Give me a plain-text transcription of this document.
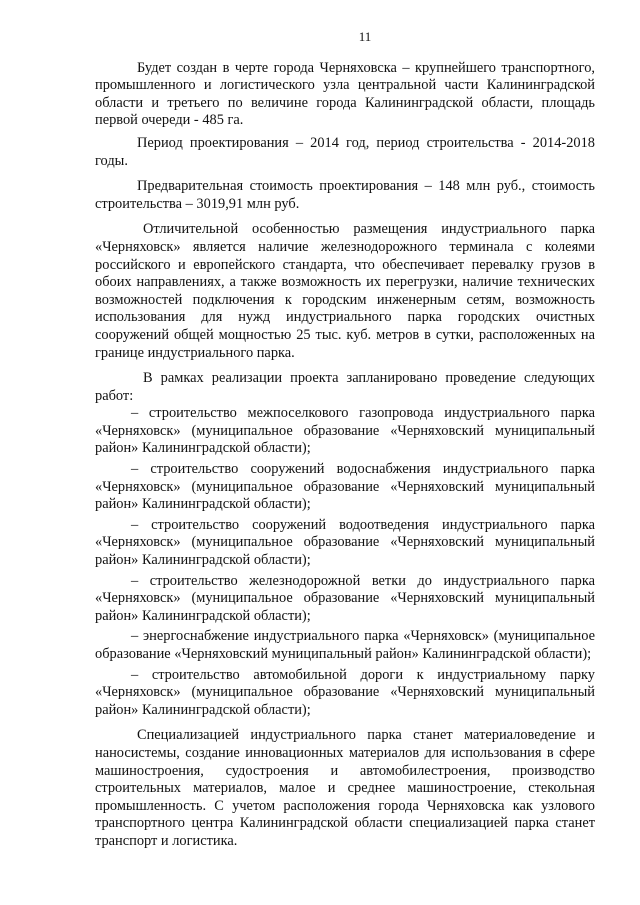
11

Будет создан в черте города Черняховска – крупнейшего транспортного, промышленного и логистического узла центральной части Калининградской области и третьего по величине города Калининградской области, площадь первой очереди - 485 га.

Период проектирования – 2014 год, период строительства - 2014-2018 годы.

Предварительная стоимость проектирования – 148 млн руб., стоимость строительства – 3019,91 млн руб.

Отличительной особенностью размещения индустриального парка «Черняховск» является наличие железнодорожного терминала с колеями российского и европейского стандарта, что обеспечивает перевалку грузов в обоих направлениях, а также возможность их перегрузки, наличие технических возможностей подключения к городским инженерным сетям, возможность использования для нужд индустриального парка городских очистных сооружений общей мощностью 25 тыс. куб. метров в сутки, расположенных на границе индустриального парка.

В рамках реализации проекта запланировано проведение следующих работ:

– строительство межпоселкового газопровода индустриального парка «Черняховск» (муниципальное образование «Черняховский муниципальный район» Калининградской области);

– строительство сооружений водоснабжения индустриального парка «Черняховск» (муниципальное образование «Черняховский муниципальный район» Калининградской области);

– строительство сооружений водоотведения индустриального парка «Черняховск» (муниципальное образование «Черняховский муниципальный район» Калининградской области);

– строительство железнодорожной ветки до индустриального парка «Черняховск» (муниципальное образование «Черняховский муниципальный район» Калининградской области);

– энергоснабжение индустриального парка «Черняховск» (муниципальное образование «Черняховский муниципальный район» Калининградской области);

– строительство автомобильной дороги к индустриальному парку «Черняховск» (муниципальное образование «Черняховский муниципальный район» Калининградской области);

Специализацией индустриального парка станет материаловедение и наносистемы, создание инновационных материалов для использования в сфере машиностроения, судостроения и автомобилестроения, производство строительных материалов, малое и среднее машиностроение, стекольная промышленность. С учетом расположения города Черняховска как узлового транспортного центра Калининградской области специализацией парка станет транспорт и логистика.
